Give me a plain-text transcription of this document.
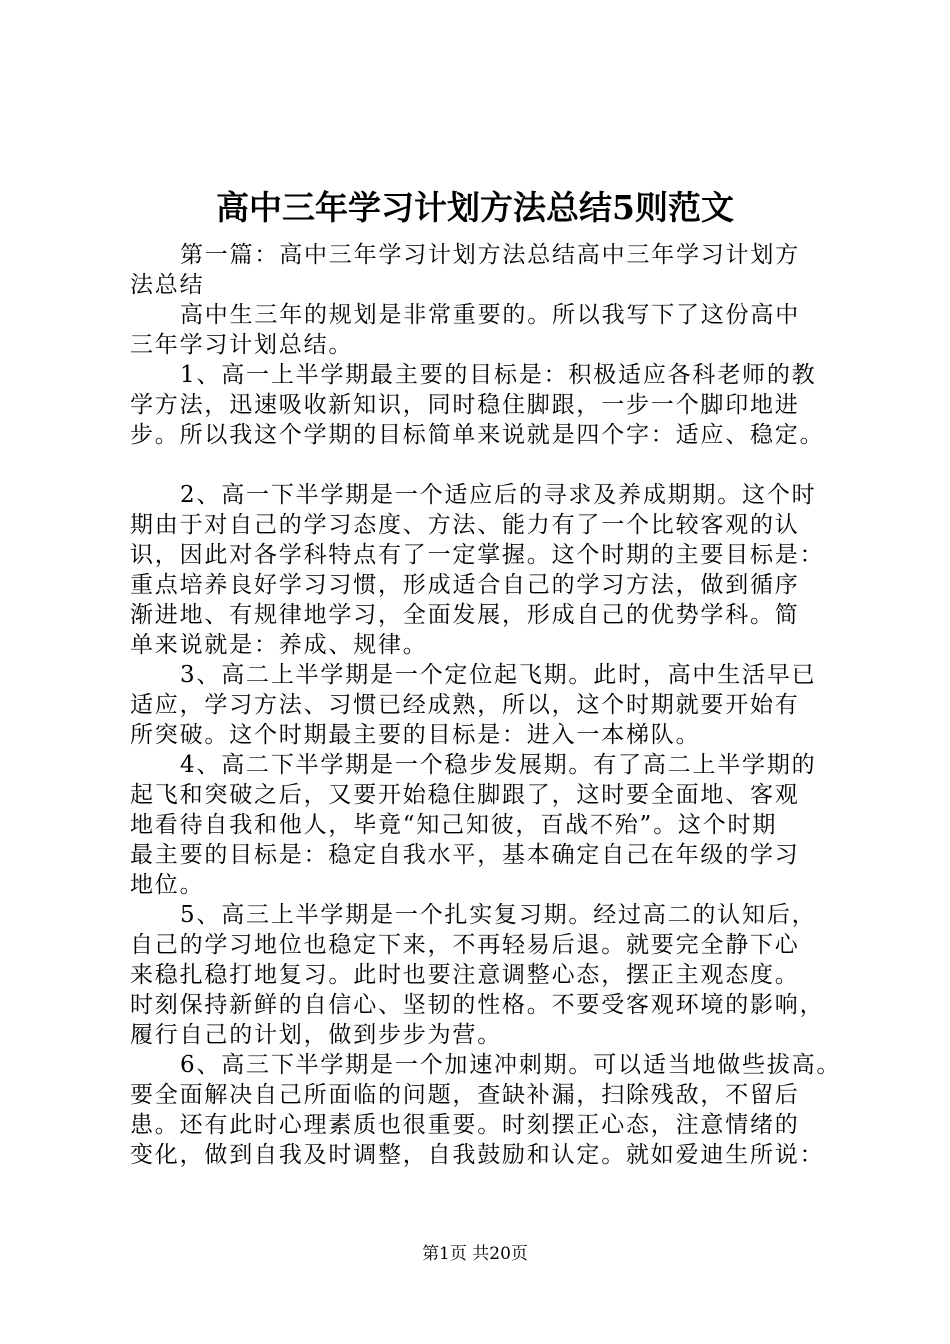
高中三年学习计划方法总结5则范文
第一篇：高中三年学习计划方法总结高中三年学习计划方
法总结
高中生三年的规划是非常重要的。所以我写下了这份高中
三年学习计划总结。
1、高一上半学期最主要的目标是：积极适应各科老师的教
学方法，迅速吸收新知识，同时稳住脚跟，一步一个脚印地进
步。所以我这个学期的目标简单来说就是四个字：适应、稳定。
2、高一下半学期是一个适应后的寻求及养成期期。这个时
期由于对自己的学习态度、方法、能力有了一个比较客观的认
识，因此对各学科特点有了一定掌握。这个时期的主要目标是：
重点培养良好学习习惯，形成适合自己的学习方法，做到循序
渐进地、有规律地学习，全面发展，形成自己的优势学科。简
单来说就是：养成、规律。
3、高二上半学期是一个定位起飞期。此时，高中生活早已
适应，学习方法、习惯已经成熟，所以，这个时期就要开始有
所突破。这个时期最主要的目标是：进入一本梯队。
4、高二下半学期是一个稳步发展期。有了高二上半学期的
起飞和突破之后，又要开始稳住脚跟了，这时要全面地、客观
地看待自我和他人，毕竟“知己知彼，百战不殆”。这个时期
最主要的目标是：稳定自我水平，基本确定自己在年级的学习
地位。
5、高三上半学期是一个扎实复习期。经过高二的认知后，
自己的学习地位也稳定下来，不再轻易后退。就要完全静下心
来稳扎稳打地复习。此时也要注意调整心态，摆正主观态度。
时刻保持新鲜的自信心、坚韧的性格。不要受客观环境的影响，
履行自己的计划，做到步步为营。
6、高三下半学期是一个加速冲刺期。可以适当地做些拔高。
要全面解决自己所面临的问题，查缺补漏，扫除残敌，不留后
患。还有此时心理素质也很重要。时刻摆正心态，注意情绪的
变化，做到自我及时调整，自我鼓励和认定。就如爱迪生所说：
第1页 共20页
